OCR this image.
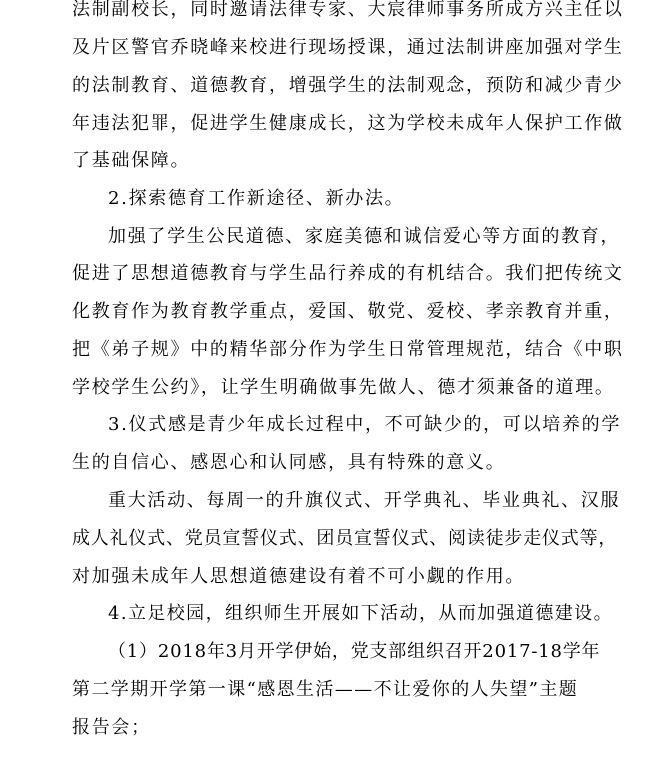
法制副校长，同时邀请法律专家、大宸律师事务所成方兴主任以
及片区警官乔晓峰来校进行现场授课，通过法制讲座加强对学生
的法制教育、道德教育，增强学生的法制观念，预防和减少青少
年违法犯罪，促进学生健康成长，这为学校未成年人保护工作做
了基础保障。
2.探索德育工作新途径、新办法。
加强了学生公民道德、家庭美德和诚信爱心等方面的教育，
促进了思想道德教育与学生品行养成的有机结合。我们把传统文
化教育作为教育教学重点，爱国、敬党、爱校、孝亲教育并重，
把《弟子规》中的精华部分作为学生日常管理规范，结合《中职
学校学生公约》，让学生明确做事先做人、德才须兼备的道理。
3.仪式感是青少年成长过程中，不可缺少的，可以培养的学
生的自信心、感恩心和认同感，具有特殊的意义。
重大活动、每周一的升旗仪式、开学典礼、毕业典礼、汉服
成人礼仪式、党员宣誓仪式、团员宣誓仪式、阅读徒步走仪式等，
对加强未成年人思想道德建设有着不可小觑的作用。
4.立足校园，组织师生开展如下活动，从而加强道德建设。
（1）2018年3月开学伊始，党支部组织召开2017-18学年
第二学期开学第一课“感恩生活——不让爱你的人失望”主题
报告会；
